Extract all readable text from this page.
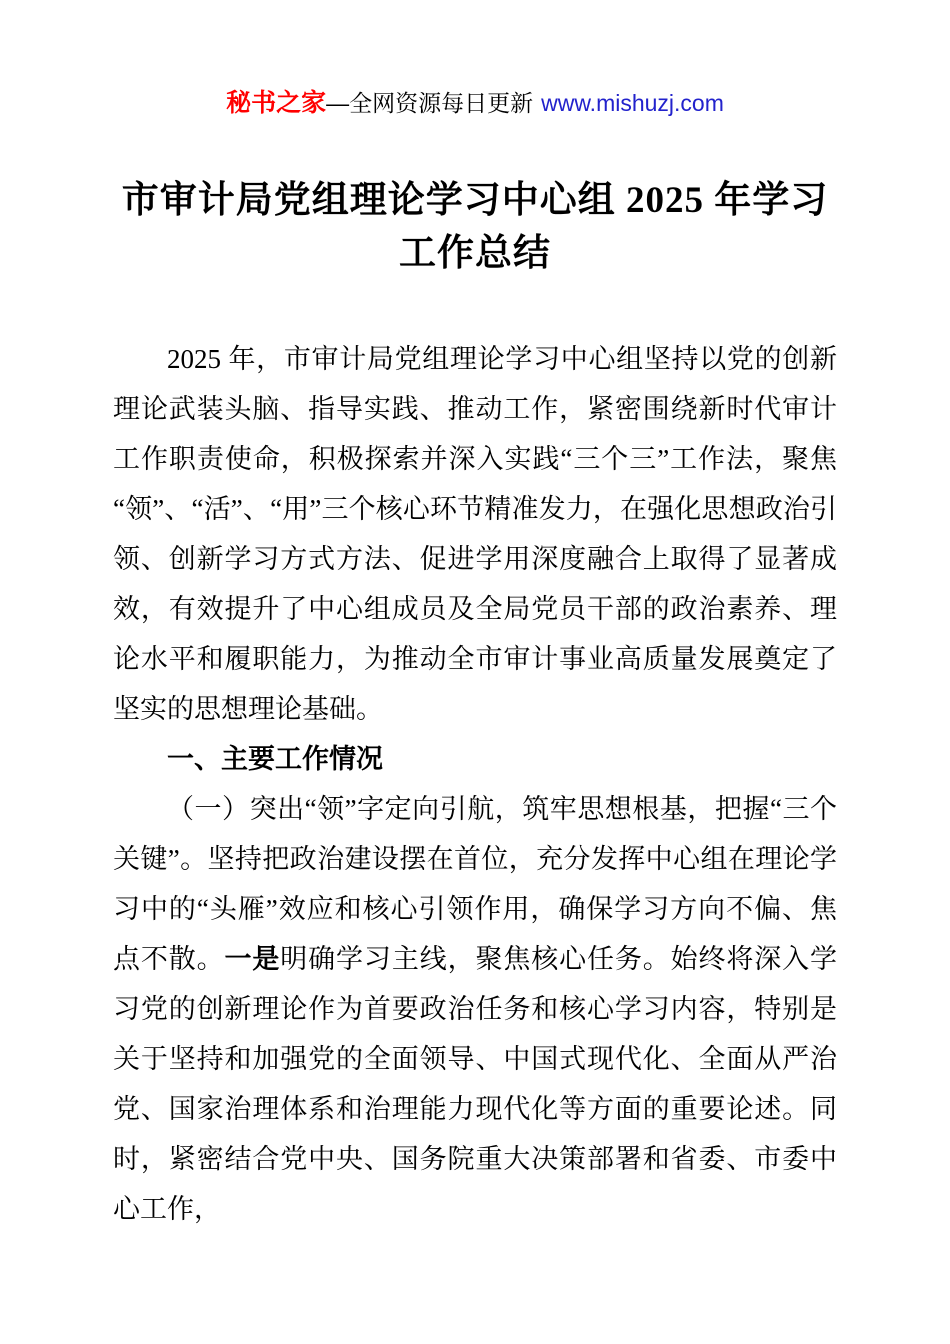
秘书之家—全网资源每日更新 www.mishuzj.com
市审计局党组理论学习中心组 2025 年学习
工作总结

2025 年，市审计局党组理论学习中心组坚持以党的创新理论武装头脑、指导实践、推动工作，紧密围绕新时代审计工作职责使命，积极探索并深入实践“三个三”工作法，聚焦“领”、“活”、“用”三个核心环节精准发力，在强化思想政治引领、创新学习方式方法、促进学用深度融合上取得了显著成效，有效提升了中心组成员及全局党员干部的政治素养、理论水平和履职能力，为推动全市审计事业高质量发展奠定了坚实的思想理论基础。

一、主要工作情况

（一）突出“领”字定向引航，筑牢思想根基，把握“三个关键”。坚持把政治建设摆在首位，充分发挥中心组在理论学习中的“头雁”效应和核心引领作用，确保学习方向不偏、焦点不散。一是明确学习主线，聚焦核心任务。始终将深入学习党的创新理论作为首要政治任务和核心学习内容，特别是关于坚持和加强党的全面领导、中国式现代化、全面从严治党、国家治理体系和治理能力现代化等方面的重要论述。同时，紧密结合党中央、国务院重大决策部署和省委、市委中心工作，
